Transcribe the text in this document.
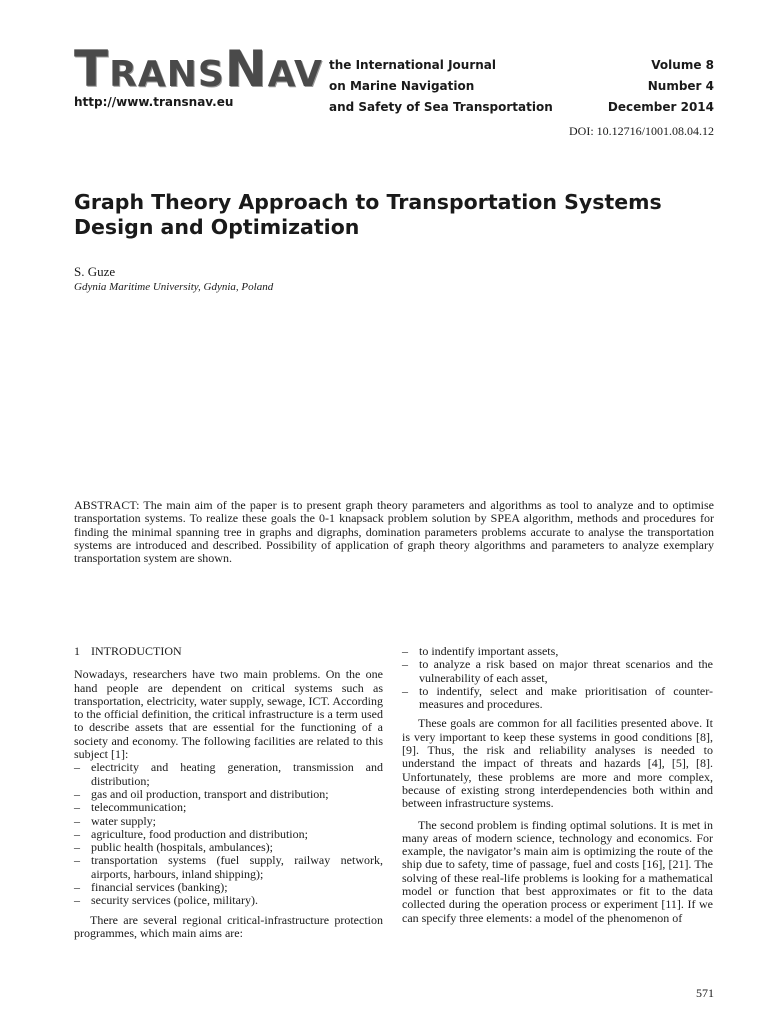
TRANSNAV
http://www.transnav.eu
the International Journal
on Marine Navigation
and Safety of Sea Transportation
Volume 8
Number 4
December 2014
DOI: 10.12716/1001.08.04.12
Graph Theory Approach to Transportation Systems
Design and Optimization
S. Guze
Gdynia Maritime University, Gdynia, Poland

ABSTRACT: The main aim of the paper is to present graph theory parameters and algorithms as tool to analyze and to optimise transportation systems. To realize these goals the 0-1 knapsack problem solution by SPEA algorithm, methods and procedures for finding the minimal spanning tree in graphs and digraphs, domination parameters problems accurate to analyse the transportation systems are introduced and described. Possibility of application of graph theory algorithms and parameters to analyze exemplary transportation system are shown.

1 INTRODUCTION

Nowadays, researchers have two main problems. On the one hand people are dependent on critical systems such as transportation, electricity, water supply, sewage, ICT. According to the official definition, the critical infrastructure is a term used to describe assets that are essential for the functioning of a society and economy. The following facilities are related to this subject [1]:

– electricity and heating generation, transmission and distribution;
– gas and oil production, transport and distribution;
– telecommunication;
– water supply;
– agriculture, food production and distribution;
– public health (hospitals, ambulances);
– transportation systems (fuel supply, railway network, airports, harbours, inland shipping);
– financial services (banking);
– security services (police, military).

There are several regional critical-infrastructure protection programmes, which main aims are:

– to indentify important assets,
– to analyze a risk based on major threat scenarios and the vulnerability of each asset,
– to indentify, select and make prioritisation of counter-measures and procedures.

These goals are common for all facilities presented above. It is very important to keep these systems in good conditions [8], [9]. Thus, the risk and reliability analyses is needed to understand the impact of threats and hazards [4], [5], [8]. Unfortunately, these problems are more and more complex, because of existing strong interdependencies both within and between infrastructure systems.

The second problem is finding optimal solutions. It is met in many areas of modern science, technology and economics. For example, the navigator’s main aim is optimizing the route of the ship due to safety, time of passage, fuel and costs [16], [21]. The solving of these real-life problems is looking for a mathematical model or function that best approximates or fit to the data collected during the operation process or experiment [11]. If we can specify three elements: a model of the phenomenon of

571
